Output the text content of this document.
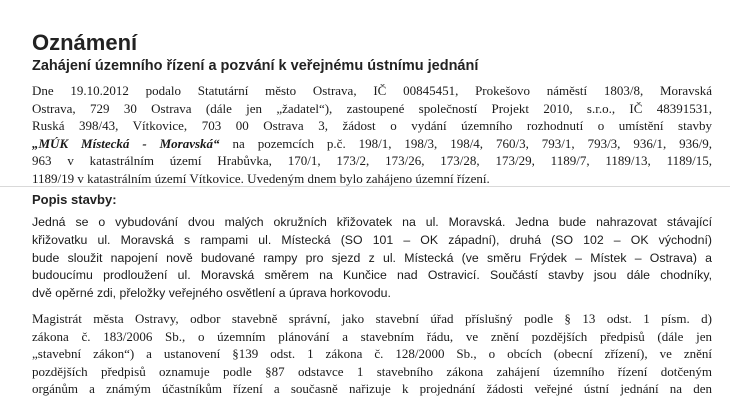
Oznámení
Zahájení územního řízení a pozvání k veřejnému ústnímu jednání
Dne 19.10.2012 podalo Statutární město Ostrava, IČ 00845451, Prokešovo náměstí 1803/8, Moravská
Ostrava, 729 30 Ostrava (dále jen „žadatel“), zastoupené společností Projekt 2010, s.r.o., IČ 48391531,
Ruská 398/43, Vítkovice, 703 00 Ostrava 3, žádost o vydání územního rozhodnutí o umístění stavby
„MÚK Místecká - Moravská“ na pozemcích p.č. 198/1, 198/3, 198/4, 760/3, 793/1, 793/3, 936/1, 936/9,
963 v katastrálním území Hrabůvka, 170/1, 173/2, 173/26, 173/28, 173/29, 1189/7, 1189/13, 1189/15,
1189/19 v katastrálním území Vítkovice. Uvedeným dnem bylo zahájeno územní řízení.
Popis stavby:
Jedná se o vybudování dvou malých okružních křižovatek na ul. Moravská. Jedna bude nahrazovat stávající
křižovatku ul. Moravská s rampami ul. Místecká (SO 101 – OK západní), druhá (SO 102 – OK východní)
bude sloužit napojení nově budované rampy pro sjezd z ul. Místecká (ve směru Frýdek – Místek – Ostrava) a
budoucímu prodloužení ul. Moravská směrem na Kunčice nad Ostravicí. Součástí stavby jsou dále chodníky,
dvě opěrné zdi, přeložky veřejného osvětlení a úprava horkovodu.
Magistrát města Ostravy, odbor stavebně správní, jako stavební úřad příslušný podle § 13 odst. 1 písm. d)
zákona č. 183/2006 Sb., o územním plánování a stavebním řádu, ve znění pozdějších předpisů (dále jen
„stavební zákon“) a ustanovení §139 odst. 1 zákona č. 128/2000 Sb., o obcích (obecní zřízení), ve znění
pozdějších předpisů oznamuje podle §87 odstavce 1 stavebního zákona zahájení územního řízení dotčeným
orgánům a známým účastníkům řízení a současně nařizuje k projednání žádosti veřejné ústní jednání na den
